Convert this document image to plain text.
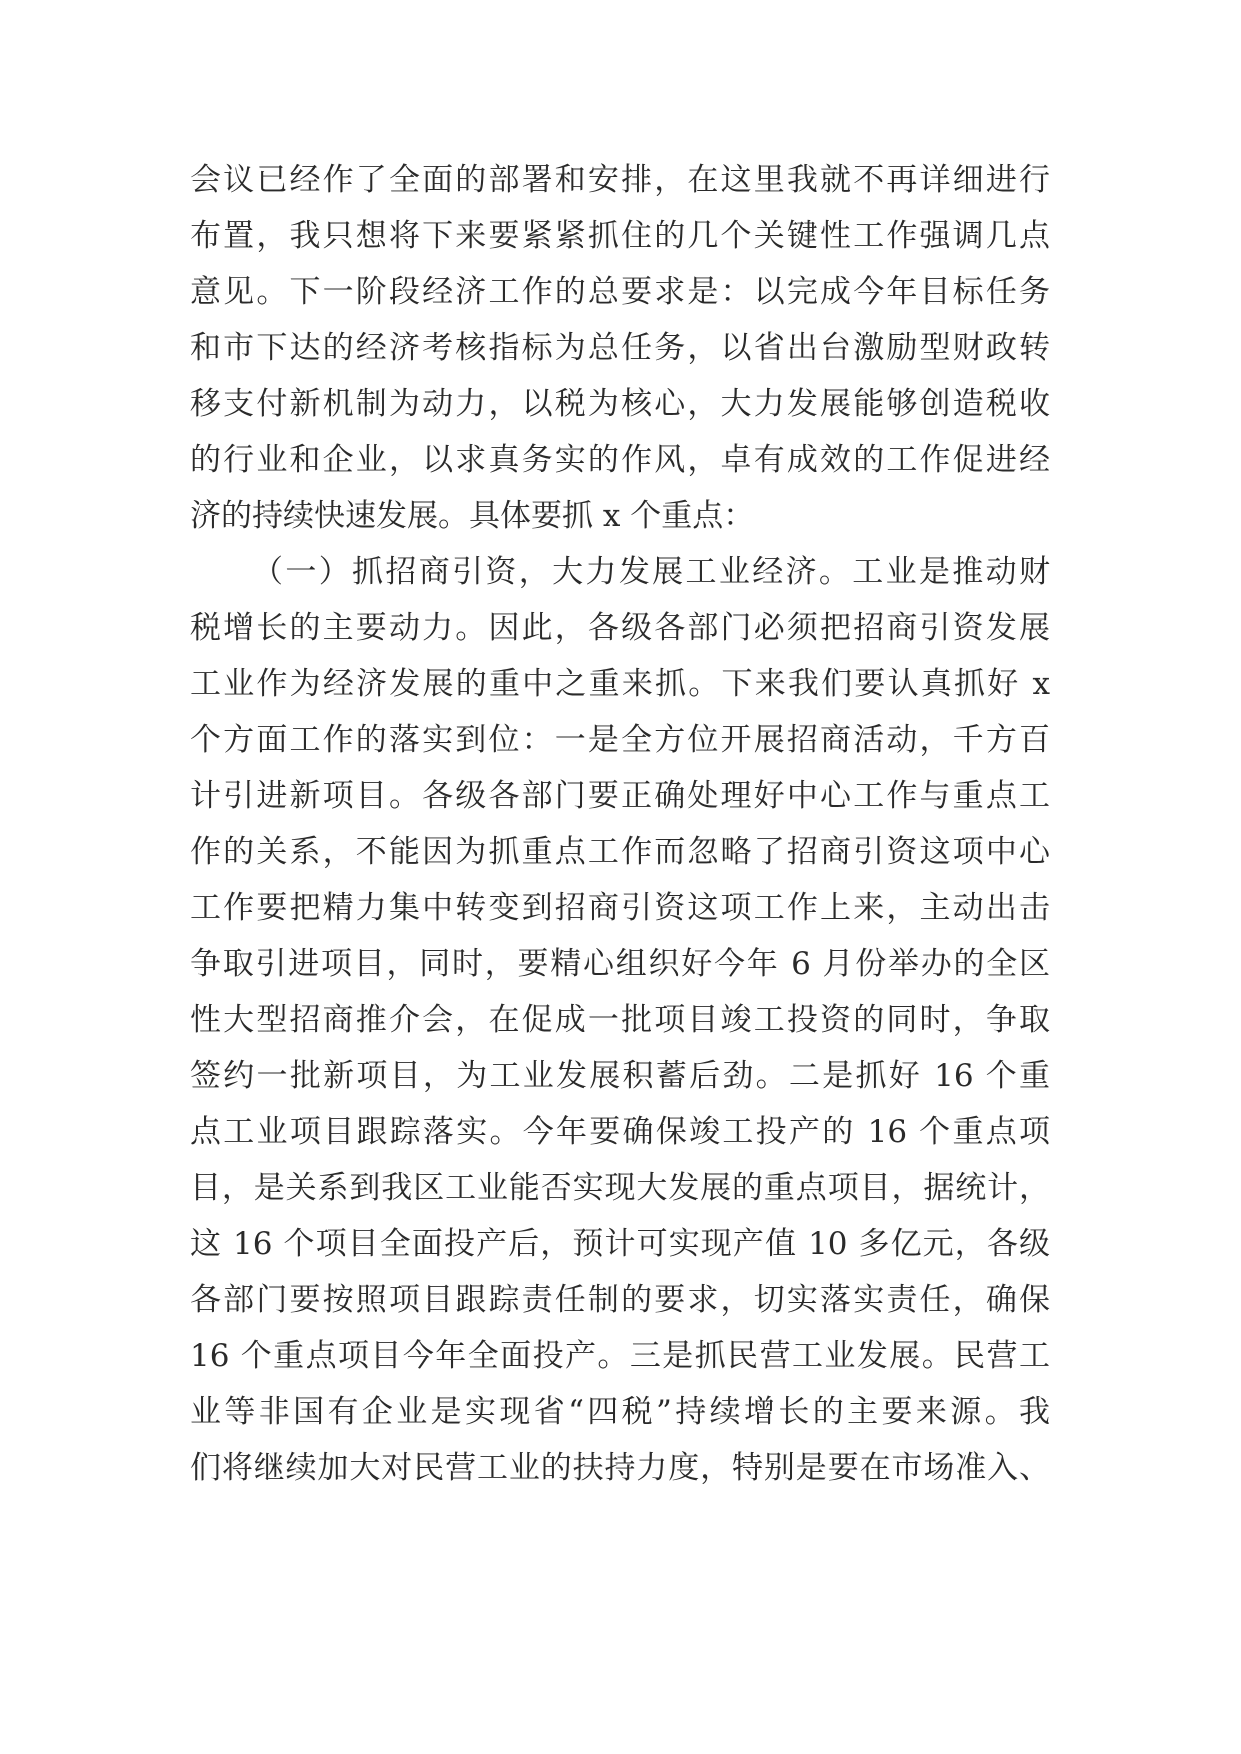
会议已经作了全面的部署和安排，在这里我就不再详细进行
布置，我只想将下来要紧紧抓住的几个关键性工作强调几点
意见。下一阶段经济工作的总要求是：以完成今年目标任务
和市下达的经济考核指标为总任务，以省出台激励型财政转
移支付新机制为动力，以税为核心，大力发展能够创造税收
的行业和企业，以求真务实的作风，卓有成效的工作促进经
济的持续快速发展。具体要抓 x 个重点：
（一）抓招商引资，大力发展工业经济。工业是推动财
税增长的主要动力。因此，各级各部门必须把招商引资发展
工业作为经济发展的重中之重来抓。下来我们要认真抓好 x
个方面工作的落实到位：一是全方位开展招商活动，千方百
计引进新项目。各级各部门要正确处理好中心工作与重点工
作的关系，不能因为抓重点工作而忽略了招商引资这项中心
工作要把精力集中转变到招商引资这项工作上来，主动出击
争取引进项目，同时，要精心组织好今年 6 月份举办的全区
性大型招商推介会，在促成一批项目竣工投资的同时，争取
签约一批新项目，为工业发展积蓄后劲。二是抓好 16 个重
点工业项目跟踪落实。今年要确保竣工投产的 16 个重点项
目，是关系到我区工业能否实现大发展的重点项目，据统计，
这 16 个项目全面投产后，预计可实现产值 10 多亿元，各级
各部门要按照项目跟踪责任制的要求，切实落实责任，确保
16 个重点项目今年全面投产。三是抓民营工业发展。民营工
业等非国有企业是实现省“四税”持续增长的主要来源。我
们将继续加大对民营工业的扶持力度，特别是要在市场准入、
